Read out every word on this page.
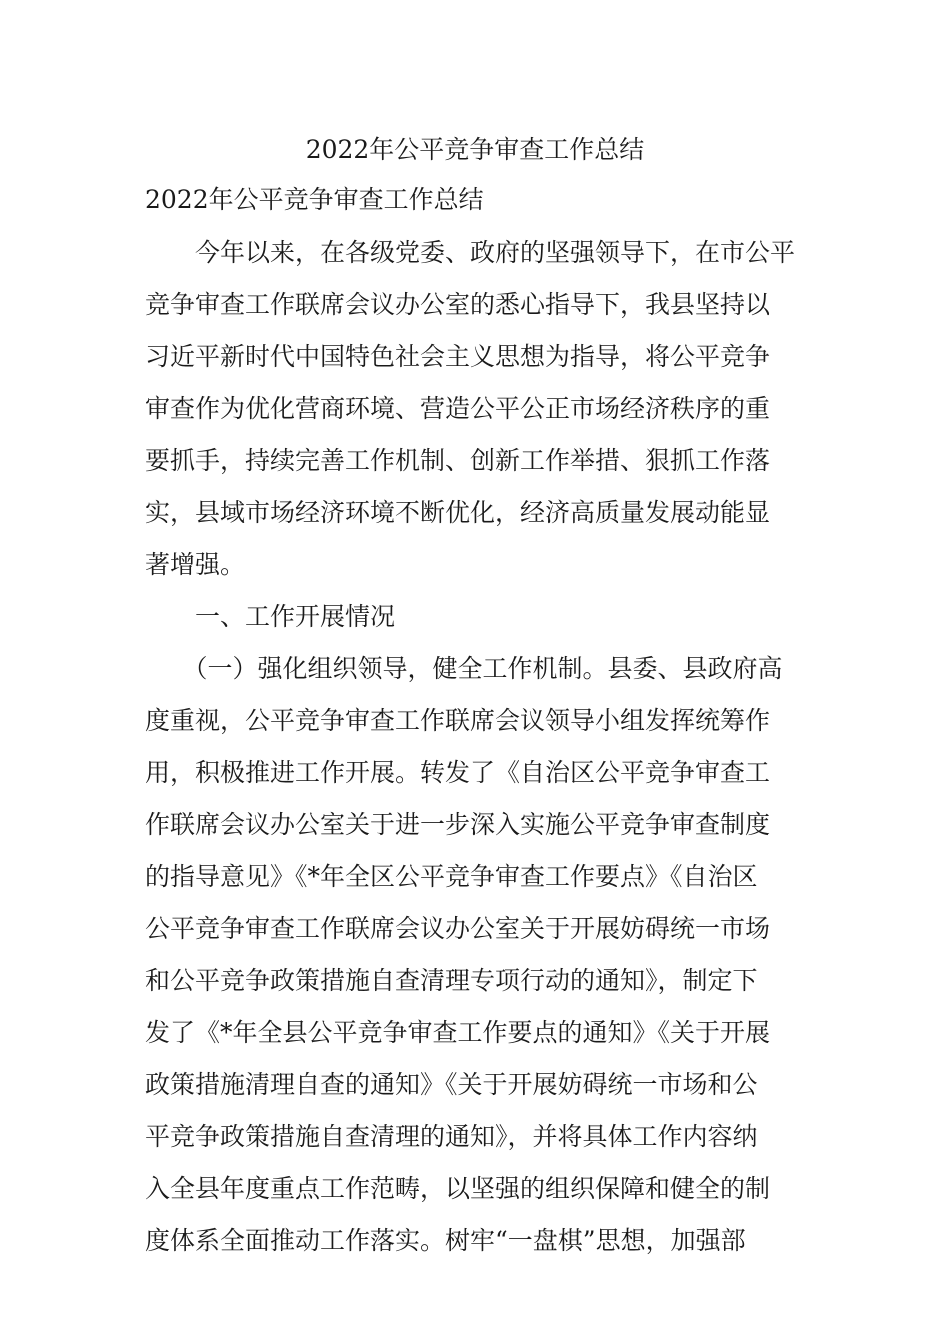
2022年公平竞争审查工作总结
2022年公平竞争审查工作总结

　　今年以来，在各级党委、政府的坚强领导下，在市公平

竞争审查工作联席会议办公室的悉心指导下，我县坚持以

习近平新时代中国特色社会主义思想为指导，将公平竞争

审查作为优化营商环境、营造公平公正市场经济秩序的重

要抓手，持续完善工作机制、创新工作举措、狠抓工作落

实，县域市场经济环境不断优化，经济高质量发展动能显

著增强。

　　一、工作开展情况

　　（一）强化组织领导，健全工作机制。县委、县政府高

度重视，公平竞争审查工作联席会议领导小组发挥统筹作

用，积极推进工作开展。转发了《自治区公平竞争审查工

作联席会议办公室关于进一步深入实施公平竞争审查制度

的指导意见》《*年全区公平竞争审查工作要点》《自治区

公平竞争审查工作联席会议办公室关于开展妨碍统一市场

和公平竞争政策措施自查清理专项行动的通知》，制定下

发了《*年全县公平竞争审查工作要点的通知》《关于开展

政策措施清理自查的通知》《关于开展妨碍统一市场和公

平竞争政策措施自查清理的通知》，并将具体工作内容纳

入全县年度重点工作范畴，以坚强的组织保障和健全的制

度体系全面推动工作落实。树牢“一盘棋”思想，加强部
